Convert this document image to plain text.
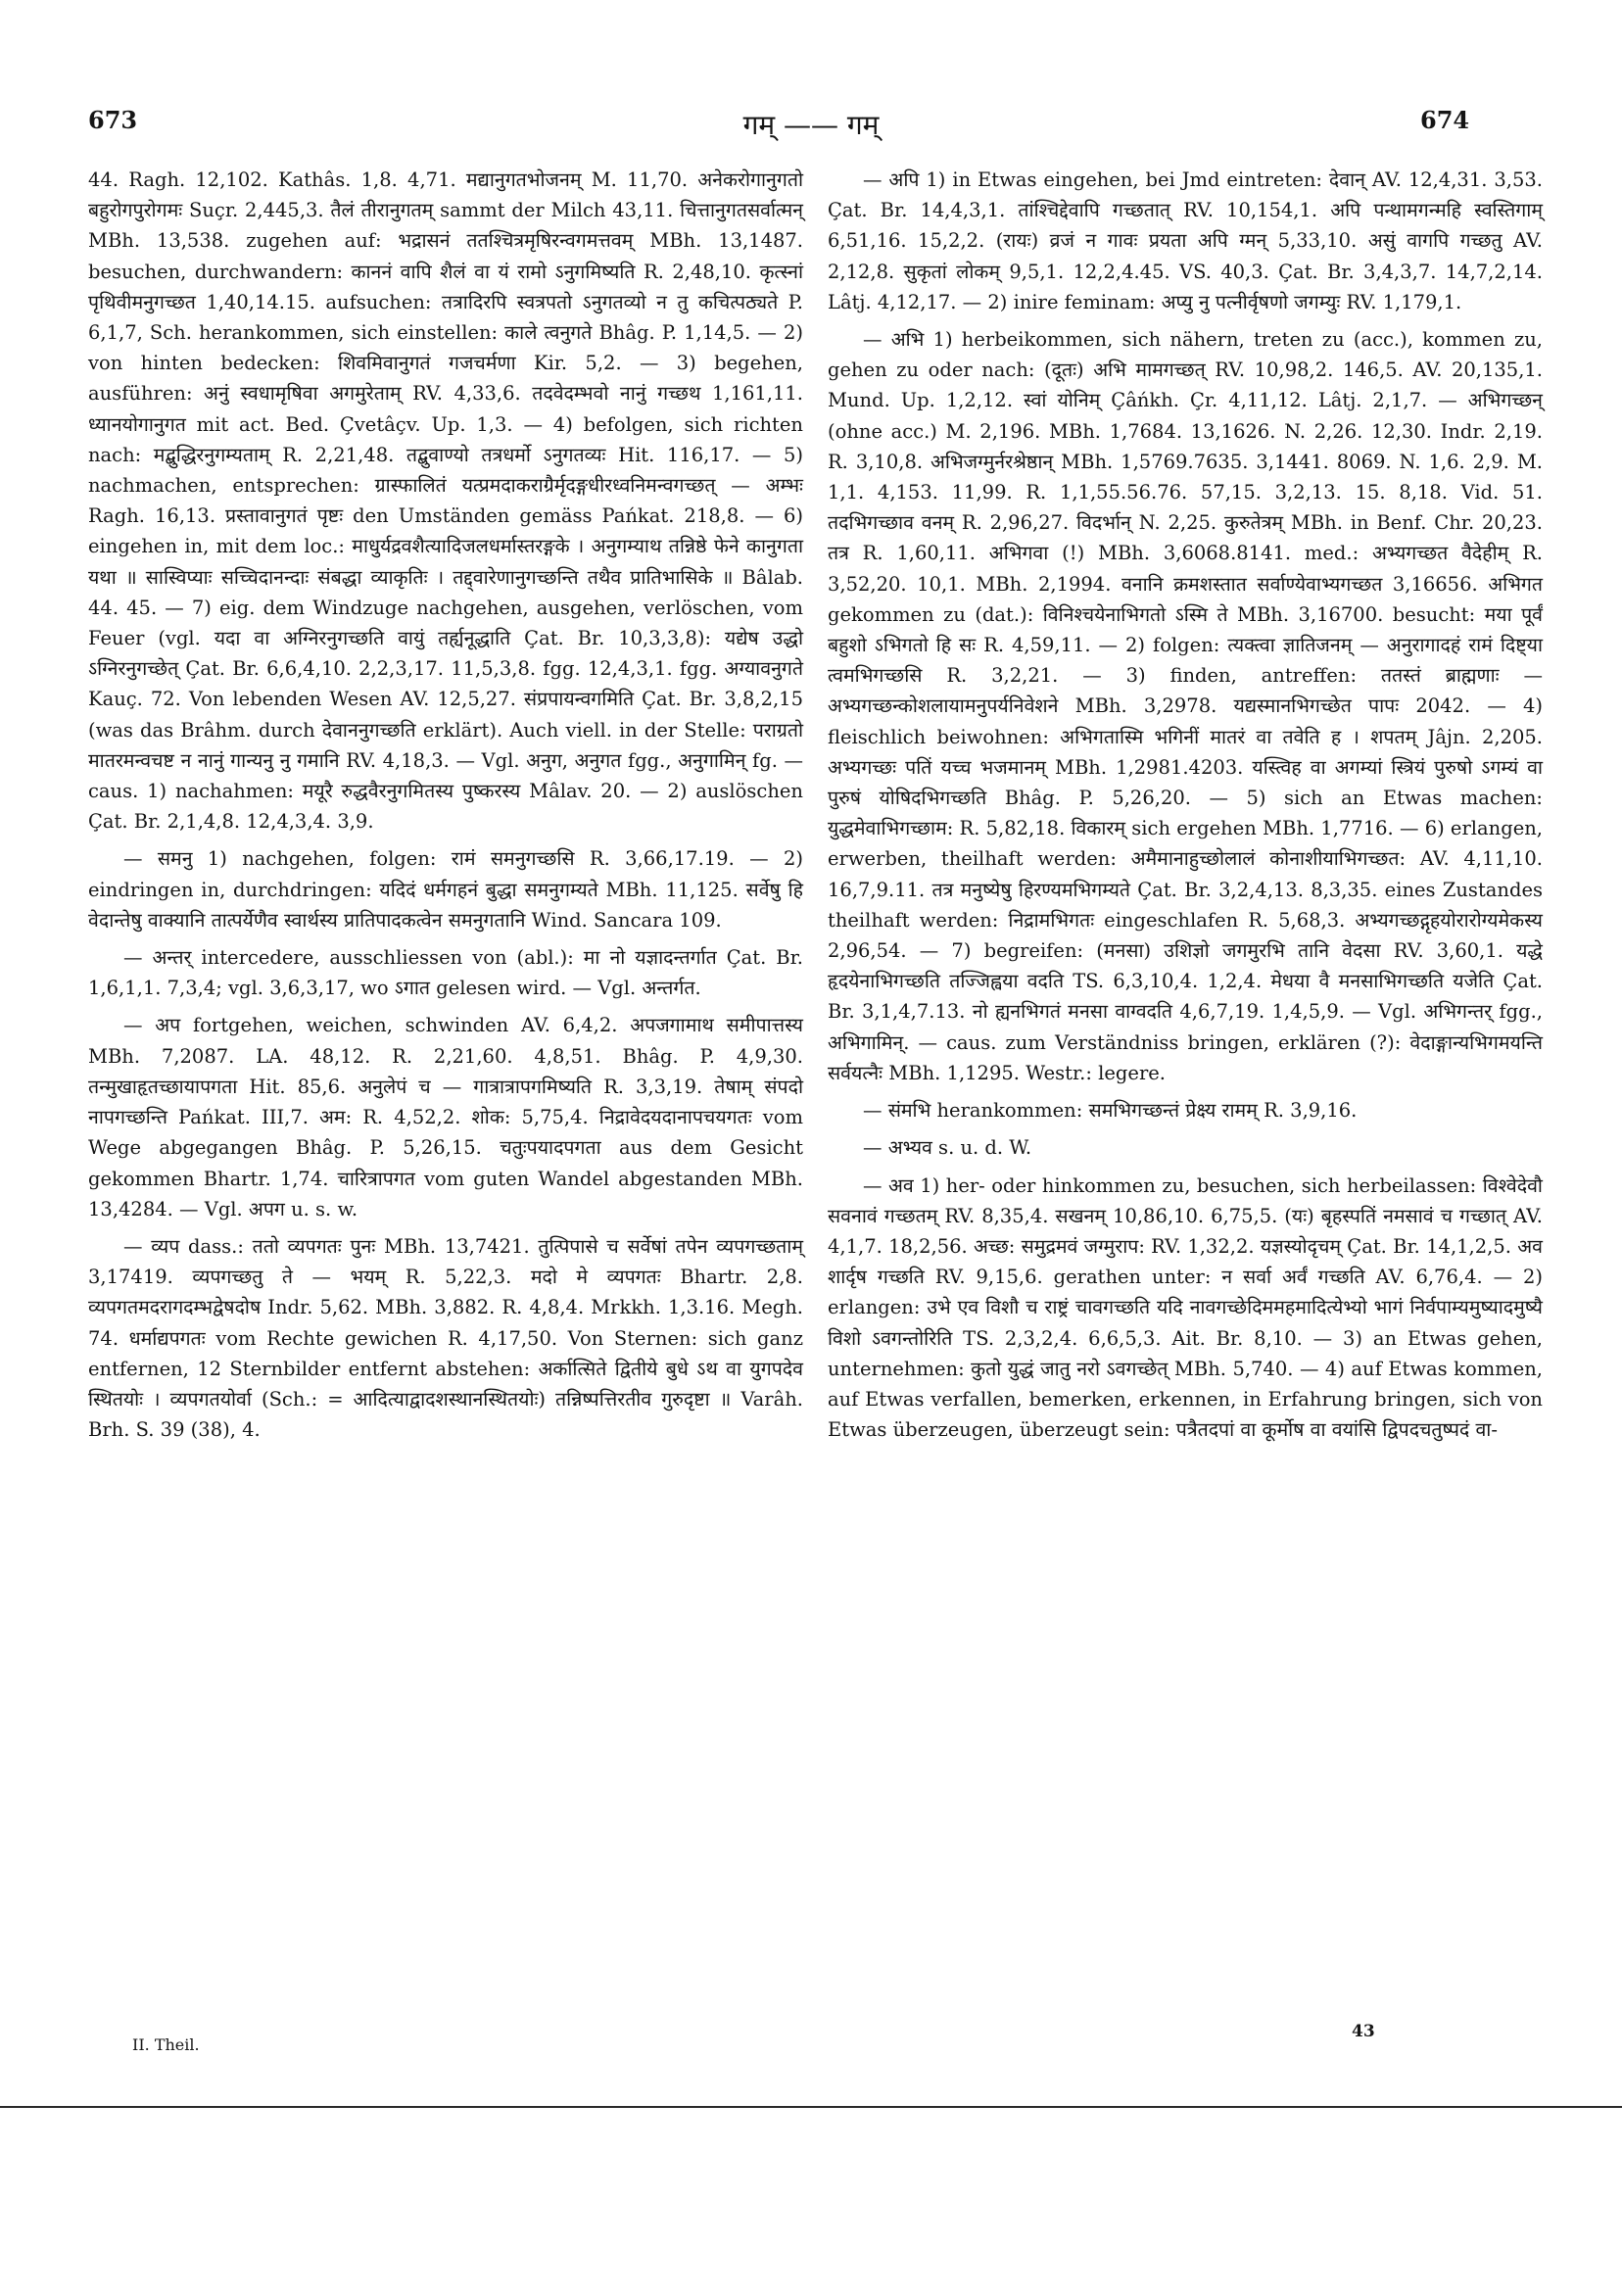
673	गम् —— गम्	674

44. Ragh. 12,102. Kathâs. 1,8. 4,71. मद्यानुगतभोजनम् M. 11,70. अनेकरोगानुगतो बहुरोगपुरोगमः Suçr. 2,445,3. तैलं तीरानुगतम् sammt der Milch 43,11. चित्तानुगतसर्वात्मन् MBh. 13,538. zugehen auf: भद्रासनं ततश्चित्रमृषिरन्वगमत्तवम् MBh. 13,1487. besuchen, durchwandern: काननं वापि शैलं वा यं रामो ऽनुगमिष्यति R. 2,48,10. कृत्स्नां पृथिवीमनुगच्छत 1,40,14.15. aufsuchen: तत्रादिरपि स्वत्रपतो ऽनुगतव्यो न तु कचित्पठ्यते P. 6,1,7, Sch. herankommen, sich einstellen: काले त्वनुगते Bhâg. P. 1,14,5. — 2) von hinten bedecken: शिवमिवानुगतं गजचर्मणा Kir. 5,2. — 3) begehen, ausführen: अनुं स्वधामृषिवा अगमुरेताम् RV. 4,33,6. तदवेदम्भवो नानुं गच्छथ 1,161,11. ध्यानयोगानुगत mit act. Bed. Çvetâçv. Up. 1,3. — 4) befolgen, sich richten nach: मद्बुद्धिरनुगम्यताम् R. 2,21,48. तद्बुवाण्यो तत्रधर्मो ऽनुगतव्यः Hit. 116,17. — 5) nachmachen, entsprechen: ग्रास्फालितं यत्प्रमदाकराग्रैर्मृदङ्गधीरध्वनिमन्वगच्छत् — अम्भः Ragh. 16,13. प्रस्तावानुगतं पृष्टः den Umständen gemäss Pańkat. 218,8. — 6) eingehen in, mit dem loc.: माधुर्यद्रवशैत्यादिजलधर्मास्तरङ्गके । अनुगम्याथ तन्निष्ठे फेने कानुगता यथा ॥ सास्विप्याः सच्चिदानन्दाः संबद्धा व्याकृतिः । तद्द्वारेणानुगच्छन्ति तथैव प्रातिभासिके ॥ Bâlab. 44. 45. — 7) eig. dem Windzuge nachgehen, ausgehen, verlöschen, vom Feuer (vgl. यदा वा अग्निरनुगच्छति वायुं तर्ह्यनूद्धाति Çat. Br. 10,3,3,8): यद्येष उद्धो ऽग्निरनुगच्छेत् Çat. Br. 6,6,4,10. 2,2,3,17. 11,5,3,8. fgg. 12,4,3,1. fgg. अग्यावनुगते Kauç. 72. Von lebenden Wesen AV. 12,5,27. संप्रपायन्वगमिति Çat. Br. 3,8,2,15 (was das Brâhm. durch देवाननुगच्छति erklärt). Auch viell. in der Stelle: पराग्रतो मातरमन्वचष्ट न नानुं गान्यनु नु गमानि RV. 4,18,3. — Vgl. अनुग, अनुगत fgg., अनुगामिन् fg. — caus. 1) nachahmen: मयूरै रुद्धवैरनुगमितस्य पुष्करस्य Mâlav. 20. — 2) auslöschen Çat. Br. 2,1,4,8. 12,4,3,4. 3,9.

— समनु 1) nachgehen, folgen: रामं समनुगच्छसि R. 3,66,17.19. — 2) eindringen in, durchdringen: यदिदं धर्मगहनं बुद्धा समनुगम्यते MBh. 11,125. सर्वेषु हि वेदान्तेषु वाक्यानि तात्पर्येणैव स्वार्थस्य प्रातिपादकत्वेन समनुगतानि Wind. Sancara 109.

— अन्तर् intercedere, ausschliessen von (abl.): मा नो यज्ञादन्तर्गात Çat. Br. 1,6,1,1. 7,3,4; vgl. 3,6,3,17, wo ऽगात gelesen wird. — Vgl. अन्तर्गत.

— अप fortgehen, weichen, schwinden AV. 6,4,2. अपजगामाथ समीपात्तस्य MBh. 7,2087. LA. 48,12. R. 2,21,60. 4,8,51. Bhâg. P. 4,9,30. तन्मुखाहृतच्छायापगता Hit. 85,6. अनुलेपं च — गात्रात्रापगमिष्यति R. 3,3,19. तेषाम् संपदो नापगच्छन्ति Pańkat. III,7. अम: R. 4,52,2. शोक: 5,75,4. निद्रावेदयदानापचयगतः vom Wege abgegangen Bhâg. P. 5,26,15. चतुःपयादपगता aus dem Gesicht gekommen Bhartr. 1,74. चारित्रापगत vom guten Wandel abgestanden MBh. 13,4284. — Vgl. अपग u. s. w.

— व्यप dass.: ततो व्यपगतः पुनः MBh. 13,7421. तुत्पिपासे च सर्वेषां तपेन व्यपगच्छताम् 3,17419. व्यपगच्छतु ते — भयम् R. 5,22,3. मदो मे व्यपगतः Bhartr. 2,8. व्यपगतमदरागदम्भद्वेषदोष Indr. 5,62. MBh. 3,882. R. 4,8,4. Mrkkh. 1,3.16. Megh. 74. धर्माद्यपगतः vom Rechte gewichen R. 4,17,50. Von Sternen: sich ganz entfernen, 12 Sternbilder entfernt abstehen: अर्कात्सिते द्वितीये बुधे ऽथ वा युगपदेव स्थितयोः । व्यपगतयोर्वा (Sch.: = आदित्याद्वादशस्थानस्थितयोः) तन्निष्पत्तिरतीव गुरुदृष्टा ॥ Varâh. Brh. S. 39 (38), 4.

— अपि 1) in Etwas eingehen, bei Jmd eintreten: देवान् AV. 12,4,31. 3,53. Çat. Br. 14,4,3,1. तांश्चिद्देवापि गच्छतात् RV. 10,154,1. अपि पन्थामगन्महि स्वस्तिगाम् 6,51,16. 15,2,2. (रायः) व्रजं न गावः प्रयता अपि ग्मन् 5,33,10. असुं वागपि गच्छतु AV. 2,12,8. सुकृतां लोकम् 9,5,1. 12,2,4.45. VS. 40,3. Çat. Br. 3,4,3,7. 14,7,2,14. Lâtj. 4,12,17. — 2) inire feminam: अप्यु नु पत्नीर्वृषणो जगम्युः RV. 1,179,1.

— अभि 1) herbeikommen, sich nähern, treten zu (acc.), kommen zu, gehen zu oder nach: (दूतः) अभि मामगच्छत् RV. 10,98,2. 146,5. AV. 20,135,1. Mund. Up. 1,2,12. स्वां योनिम् Çâńkh. Çr. 4,11,12. Lâtj. 2,1,7. — अभिगच्छन् (ohne acc.) M. 2,196. MBh. 1,7684. 13,1626. N. 2,26. 12,30. Indr. 2,19. R. 3,10,8. अभिजग्मुर्नरश्रेष्ठान् MBh. 1,5769.7635. 3,1441. 8069. N. 1,6. 2,9. M. 1,1. 4,153. 11,99. R. 1,1,55.56.76. 57,15. 3,2,13. 15. 8,18. Vid. 51. तदभिगच्छाव वनम् R. 2,96,27. विदर्भान् N. 2,25. कुरुतेत्रम् MBh. in Benf. Chr. 20,23. तत्र R. 1,60,11. अभिगवा (!) MBh. 3,6068.8141. med.: अभ्यगच्छत वैदेहीम् R. 3,52,20. 10,1. MBh. 2,1994. वनानि क्रमशस्तात सर्वाण्येवाभ्यगच्छत 3,16656. अभिगत gekommen zu (dat.): विनिश्चयेनाभिगतो ऽस्मि ते MBh. 3,16700. besucht: मया पूर्वं बहुशो ऽभिगतो हि सः R. 4,59,11. — 2) folgen: त्यक्त्वा ज्ञातिजनम् — अनुरागादहं रामं दिष्ट्या त्वमभिगच्छसि R. 3,2,21. — 3) finden, antreffen: ततस्तं ब्राह्मणाः — अभ्यगच्छन्कोशलायामनुपर्यनिवेशने MBh. 3,2978. यद्यस्मानभिगच्छेत पापः 2042. — 4) fleischlich beiwohnen: अभिगतास्मि भगिनीं मातरं वा तवेति ह । शपतम् Jâjn. 2,205. अभ्यगच्छः पतिं यच्च भजमानम् MBh. 1,2981.4203. यस्त्विह वा अगम्यां स्त्रियं पुरुषो ऽगम्यं वा पुरुषं योषिदभिगच्छति Bhâg. P. 5,26,20. — 5) sich an Etwas machen: युद्धमेवाभिगच्छाम: R. 5,82,18. विकारम् sich ergehen MBh. 1,7716. — 6) erlangen, erwerben, theilhaft werden: अमैमानाहुच्छोलालं कोनाशीयाभिगच्छत: AV. 4,11,10. 16,7,9.11. तत्र मनुष्येषु हिरण्यमभिगम्यते Çat. Br. 3,2,4,13. 8,3,35. eines Zustandes theilhaft werden: निद्रामभिगतः eingeschlafen R. 5,68,3. अभ्यगच्छद्गृहयोरारोग्यमेकस्य 2,96,54. — 7) begreifen: (मनसा) उशिज्ञो जगमुरभि तानि वेदसा RV. 3,60,1. यद्धे हृदयेनाभिगच्छति तज्जिह्वया वदति TS. 6,3,10,4. 1,2,4. मेधया वै मनसाभिगच्छति यजेति Çat. Br. 3,1,4,7.13. नो ह्यनभिगतं मनसा वाग्वदति 4,6,7,19. 1,4,5,9. — Vgl. अभिगन्तर् fgg., अभिगामिन्. — caus. zum Verständniss bringen, erklären (?): वेदाङ्गान्यभिगमयन्ति सर्वयत्नैः MBh. 1,1295. Westr.: legere.

— संमभि herankommen: समभिगच्छन्तं प्रेक्ष्य रामम् R. 3,9,16.

— अभ्यव s. u. d. W.

— अव 1) her- oder hinkommen zu, besuchen, sich herbeilassen: विश्वेदेवौ सवनावं गच्छतम् RV. 8,35,4. सखनम् 10,86,10. 6,75,5. (यः) बृहस्पतिं नमसावं च गच्छात् AV. 4,1,7. 18,2,56. अच्छ: समुद्रमवं जग्मुराप: RV. 1,32,2. यज्ञस्योदृचम् Çat. Br. 14,1,2,5. अव शार्दृष गच्छति RV. 9,15,6. gerathen unter: न सर्वा अर्वं गच्छति AV. 6,76,4. — 2) erlangen: उभे एव विशौ च राष्ट्रं चावगच्छति यदि नावगच्छेदिममहमादित्येभ्यो भागं निर्वपाम्यमुष्यादमुष्यै विशो ऽवगन्तोरिति TS. 2,3,2,4. 6,6,5,3. Ait. Br. 8,10. — 3) an Etwas gehen, unternehmen: कुतो युद्धं जातु नरो ऽवगच्छेत् MBh. 5,740. — 4) auf Etwas kommen, auf Etwas verfallen, bemerken, erkennen, in Erfahrung bringen, sich von Etwas überzeugen, überzeugt sein: पत्रैतदपां वा कूर्मोष वा वयांसि द्विपदचतुष्पदं वा-

II. Theil.
43
